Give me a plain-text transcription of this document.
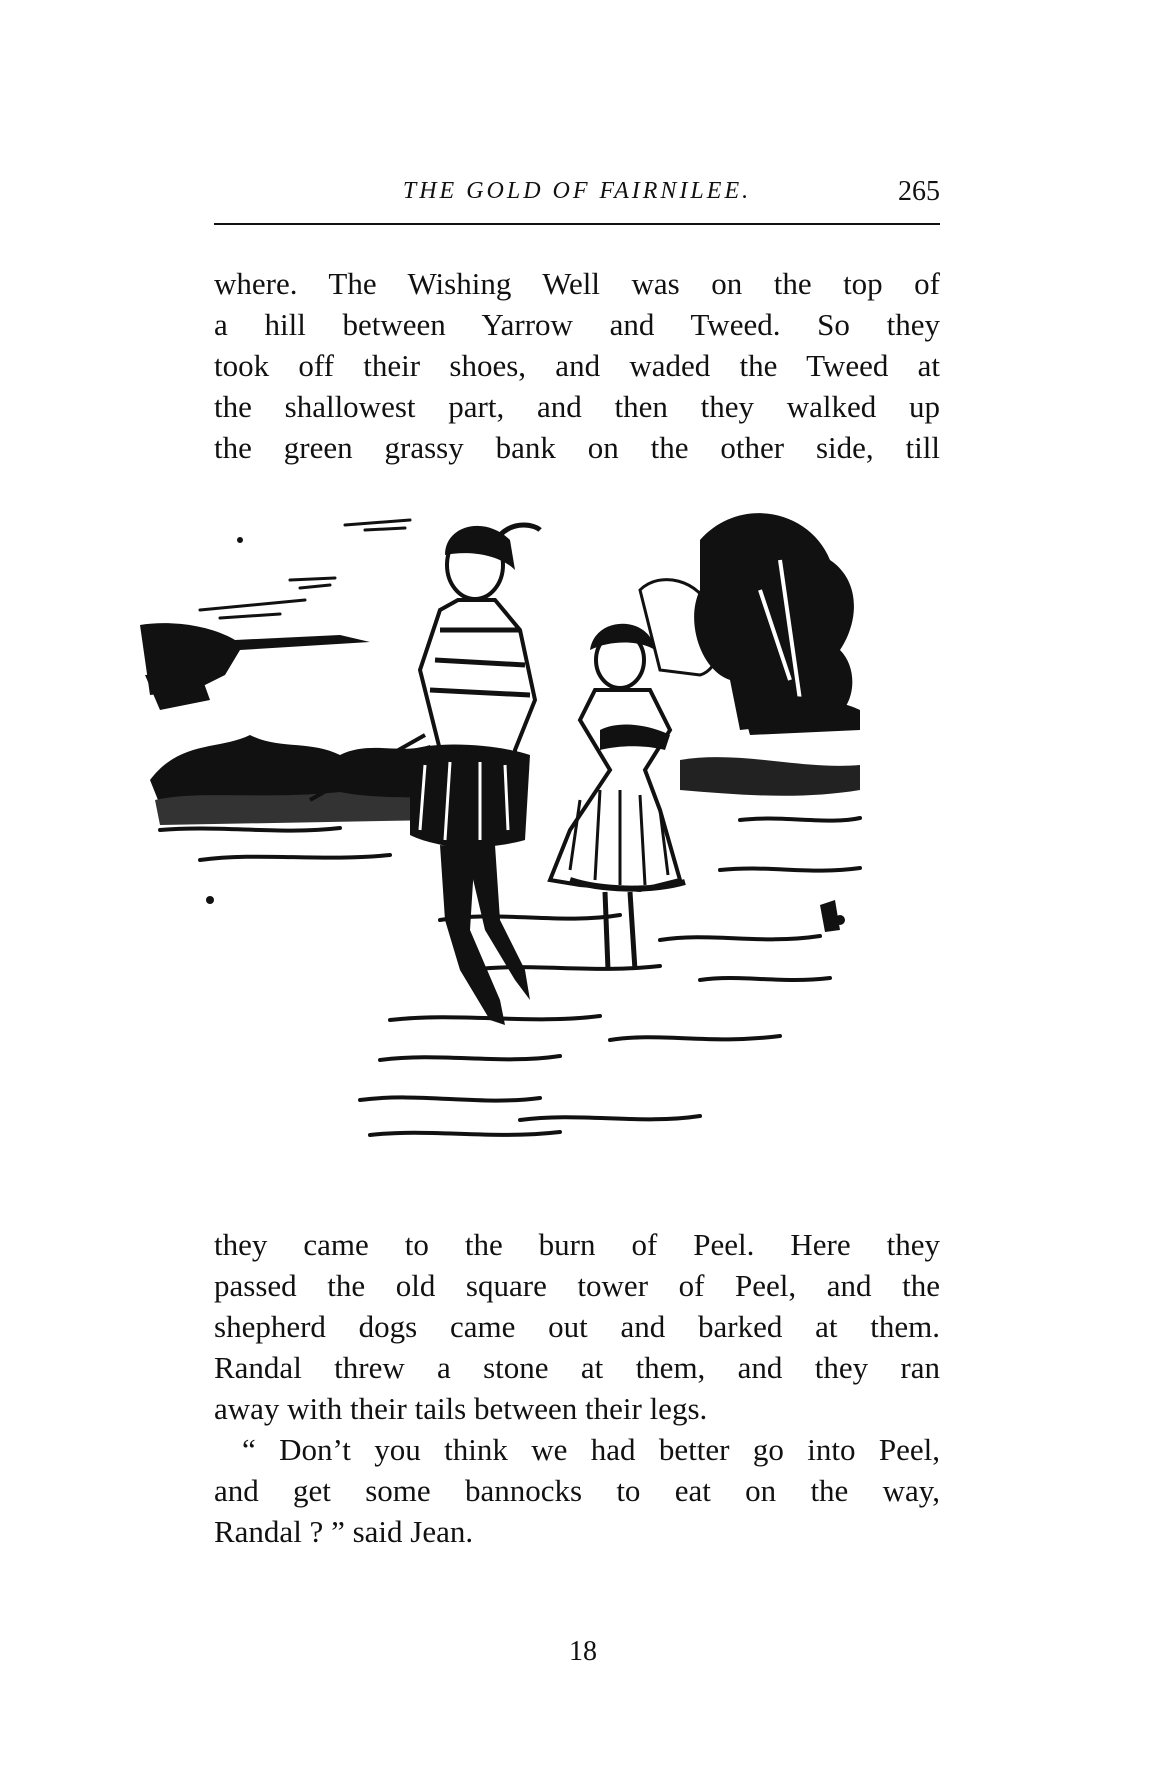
THE GOLD OF FAIRNILEE.	265
where. The Wishing Well was on the top of
a hill between Yarrow and Tweed. So they
took off their shoes, and waded the Tweed at
the shallowest part, and then they walked up
the green grassy bank on the other side, till
they came to the burn of Peel. Here they
passed the old square tower of Peel, and the
shepherd dogs came out and barked at them.
Randal threw a stone at them, and they ran
away with their tails between their legs.
“ Don’t you think we had better go into Peel,
and get some bannocks to eat on the way,
Randal ? ” said Jean.
18
